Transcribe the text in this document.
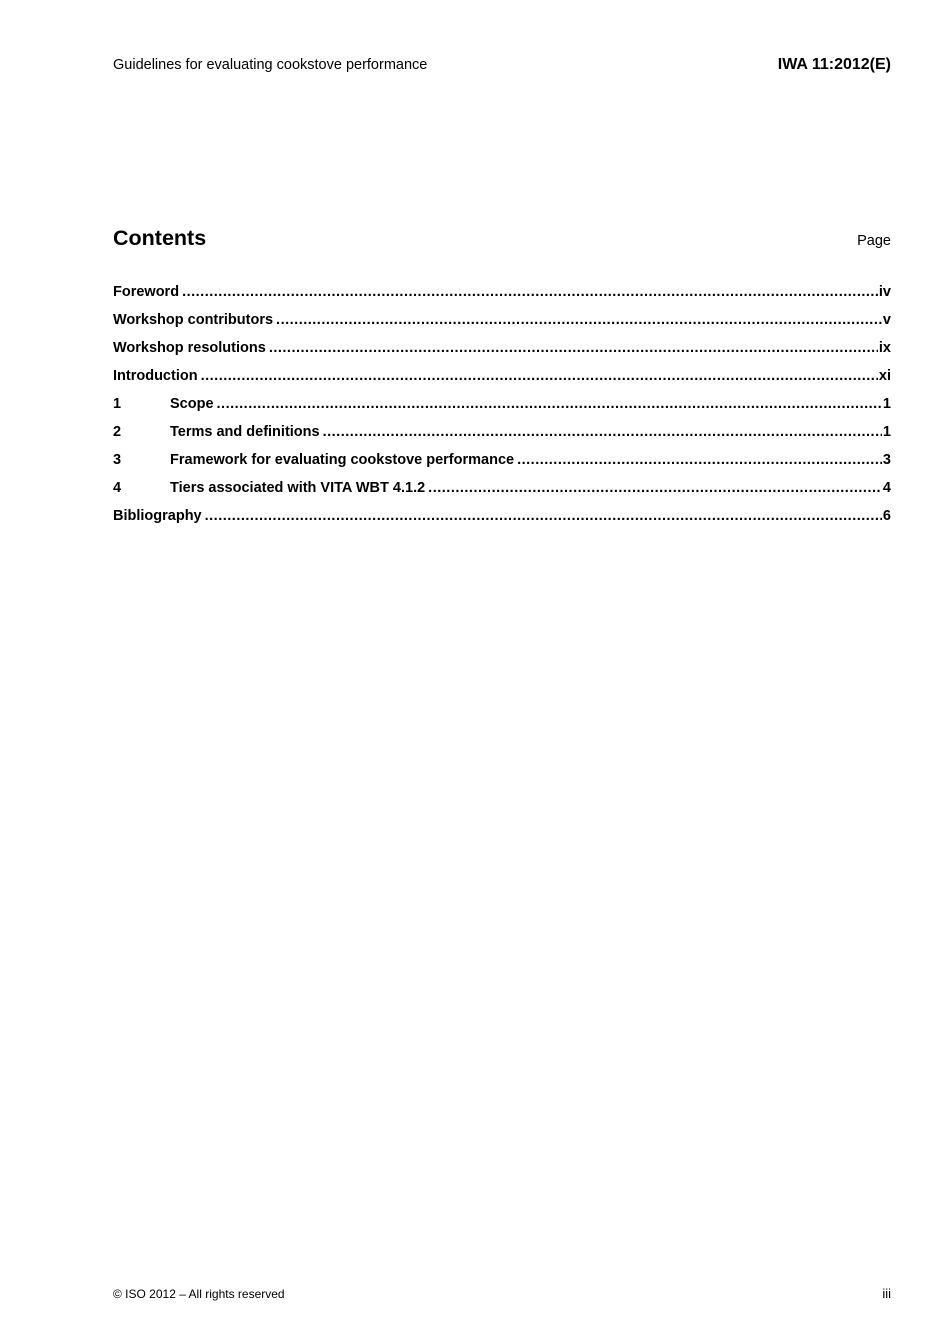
Guidelines for evaluating cookstove performance	IWA 11:2012(E)
Contents	Page
Foreword .....	iv
Workshop contributors .....	v
Workshop resolutions .....	ix
Introduction .....	xi
1	Scope .....	1
2	Terms and definitions .....	1
3	Framework for evaluating cookstove performance .....	3
4	Tiers associated with VITA WBT 4.1.2 .....	4
Bibliography .....	6
© ISO 2012 – All rights reserved	iii
